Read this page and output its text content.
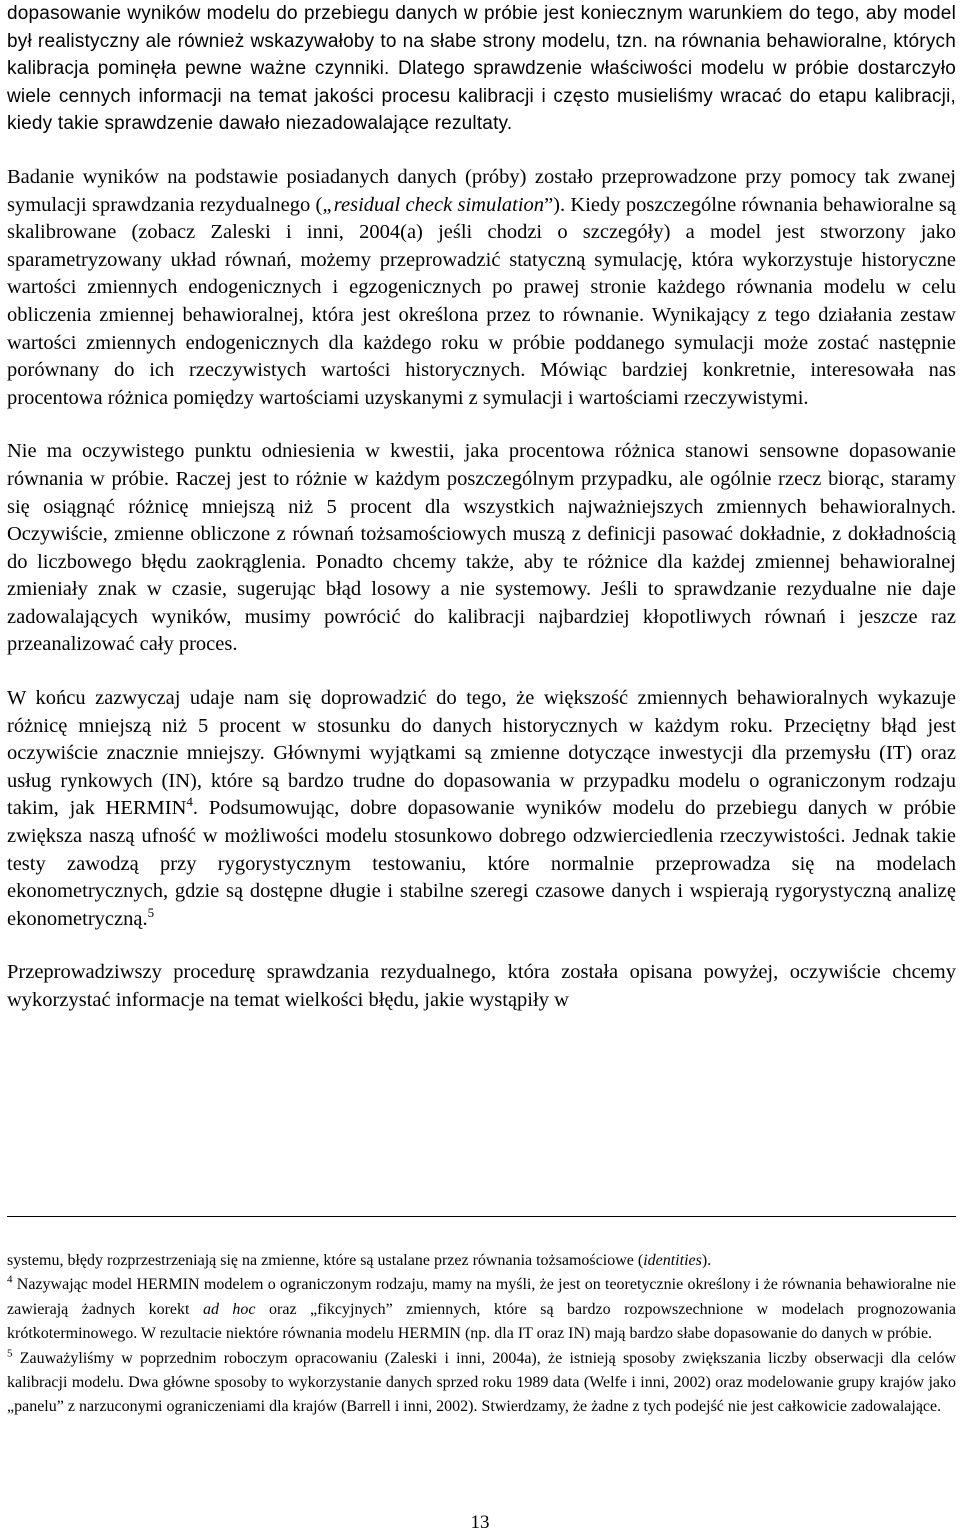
dopasowanie wyników modelu do przebiegu danych w próbie jest koniecznym warunkiem do tego, aby model był realistyczny ale również wskazywałoby to na słabe strony modelu, tzn. na równania behawioralne, których kalibracja pominęła pewne ważne czynniki. Dlatego sprawdzenie właściwości modelu w próbie dostarczyło wiele cennych informacji na temat jakości procesu kalibracji i często musieliśmy wracać do etapu kalibracji, kiedy takie sprawdzenie dawało niezadowalające rezultaty.

Badanie wyników na podstawie posiadanych danych (próby) zostało przeprowadzone przy pomocy tak zwanej symulacji sprawdzania rezydualnego („residual check simulation”). Kiedy poszczególne równania behawioralne są skalibrowane (zobacz Zaleski i inni, 2004(a) jeśli chodzi o szczegóły) a model jest stworzony jako sparametryzowany układ równań, możemy przeprowadzić statyczną symulację, która wykorzystuje historyczne wartości zmiennych endogenicznych i egzogenicznych po prawej stronie każdego równania modelu w celu obliczenia zmiennej behawioralnej, która jest określona przez to równanie. Wynikający z tego działania zestaw wartości zmiennych endogenicznych dla każdego roku w próbie poddanego symulacji może zostać następnie porównany do ich rzeczywistych wartości historycznych. Mówiąc bardziej konkretnie, interesowała nas procentowa różnica pomiędzy wartościami uzyskanymi z symulacji i wartościami rzeczywistymi.

Nie ma oczywistego punktu odniesienia w kwestii, jaka procentowa różnica stanowi sensowne dopasowanie równania w próbie. Raczej jest to różnie w każdym poszczególnym przypadku, ale ogólnie rzecz biorąc, staramy się osiągnąć różnicę mniejszą niż 5 procent dla wszystkich najważniejszych zmiennych behawioralnych. Oczywiście, zmienne obliczone z równań tożsamościowych muszą z definicji pasować dokładnie, z dokładnością do liczbowego błędu zaokrąglenia. Ponadto chcemy także, aby te różnice dla każdej zmiennej behawioralnej zmieniały znak w czasie, sugerując błąd losowy a nie systemowy. Jeśli to sprawdzanie rezydualne nie daje zadowalających wyników, musimy powrócić do kalibracji najbardziej kłopotliwych równań i jeszcze raz przeanalizować cały proces.

W końcu zazwyczaj udaje nam się doprowadzić do tego, że większość zmiennych behawioralnych wykazuje różnicę mniejszą niż 5 procent w stosunku do danych historycznych w każdym roku. Przeciętny błąd jest oczywiście znacznie mniejszy. Głównymi wyjątkami są zmienne dotyczące inwestycji dla przemysłu (IT) oraz usług rynkowych (IN), które są bardzo trudne do dopasowania w przypadku modelu o ograniczonym rodzaju takim, jak HERMIN$^4$. Podsumowując, dobre dopasowanie wyników modelu do przebiegu danych w próbie zwiększa naszą ufność w możliwości modelu stosunkowo dobrego odzwierciedlenia rzeczywistości. Jednak takie testy zawodzą przy rygorystycznym testowaniu, które normalnie przeprowadza się na modelach ekonometrycznych, gdzie są dostępne długie i stabilne szeregi czasowe danych i wspierają rygorystyczną analizę ekonometryczną.$^5$

Przeprowadziwszy procedurę sprawdzania rezydualnego, która została opisana powyżej, oczywiście chcemy wykorzystać informacje na temat wielkości błędu, jakie wystąpiły w

systemu, błędy rozprzestrzeniają się na zmienne, które są ustalane przez równania tożsamościowe (identities).

$^4$ Nazywając model HERMIN modelem o ograniczonym rodzaju, mamy na myśli, że jest on teoretycznie określony i że równania behawioralne nie zawierają żadnych korekt ad hoc oraz „fikcyjnych” zmiennych, które są bardzo rozpowszechnione w modelach prognozowania krótkoterminowego. W rezultacie niektóre równania modelu HERMIN (np. dla IT oraz IN) mają bardzo słabe dopasowanie do danych w próbie.

$^5$ Zauważyliśmy w poprzednim roboczym opracowaniu (Zaleski i inni, 2004a), że istnieją sposoby zwiększania liczby obserwacji dla celów kalibracji modelu. Dwa główne sposoby to wykorzystanie danych sprzed roku 1989 data (Welfe i inni, 2002) oraz modelowanie grupy krajów jako „panelu” z narzuconymi ograniczeniami dla krajów (Barrell i inni, 2002). Stwierdzamy, że żadne z tych podejść nie jest całkowicie zadowalające.

13
